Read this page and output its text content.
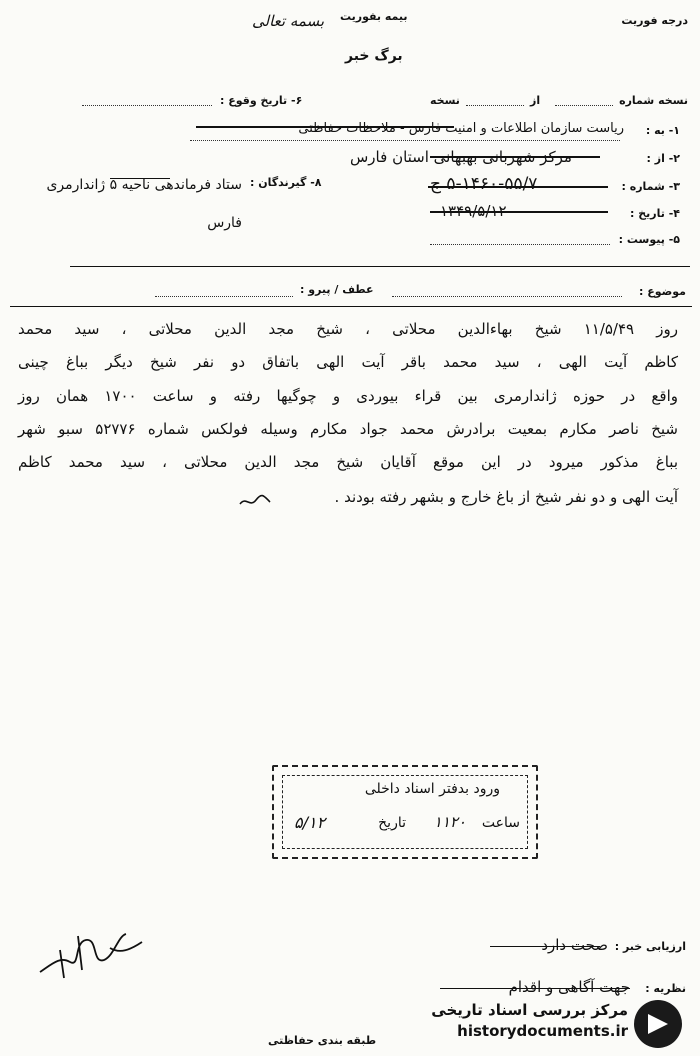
درجه فوریت
بیمه بفوریت
بسمه تعالی
برگ خبر
نسخه شماره
از
نسخه
۶- تاریخ وقوع :
۱- به :
ریاست سازمان اطلاعات و امنیت فارس - ملاحظات حفاظتی
۲- از :
مرکز شهربانی بهبهانی استان فارس
۸- گیرندگان :
ستاد فرماندهی ناحیه ۵ ژاندارمری فارس
۳- شماره :
۵-۱۴۶۰-۵۵/۷ ج
۴- تاریخ :
۱۳۴۹/۵/۱۲
۵- پیوست :
موضوع :
عطف / پیرو :
روز ۱۱/۵/۴۹ شیخ بهاءالدین محلاتی ، شیخ مجد الدین محلاتی ، سید محمد
کاظم آیت الهی ، سید محمد باقر آیت الهی باتفاق دو نفر شیخ دیگر بباغ چینی
واقع در حوزه ژاندارمری بین قراء بیوردی و چوگیها رفته و ساعت ۱۷۰۰ همان روز
شیخ ناصر مکارم بمعیت برادرش محمد جواد مکارم وسیله فولکس شماره ۵۲۷۷۶ سبو شهر
بباغ مذکور میرود در این موقع آقایان شیخ مجد الدین محلاتی ، سید محمد کاظم
آیت الهی و دو نفر شیخ از باغ خارج و بشهر رفته بودند .
ورود بدفتر اسناد داخلی
ساعت
۱۱۲۰
تاریخ
۵/۱۲
ارزیابی خبر :
صحت دارد
نظریه :
جهت آگاهی و اقدام
طبقه بندی حفاظتی
مرکز بررسی اسناد تاریخی
historydocuments.ir
